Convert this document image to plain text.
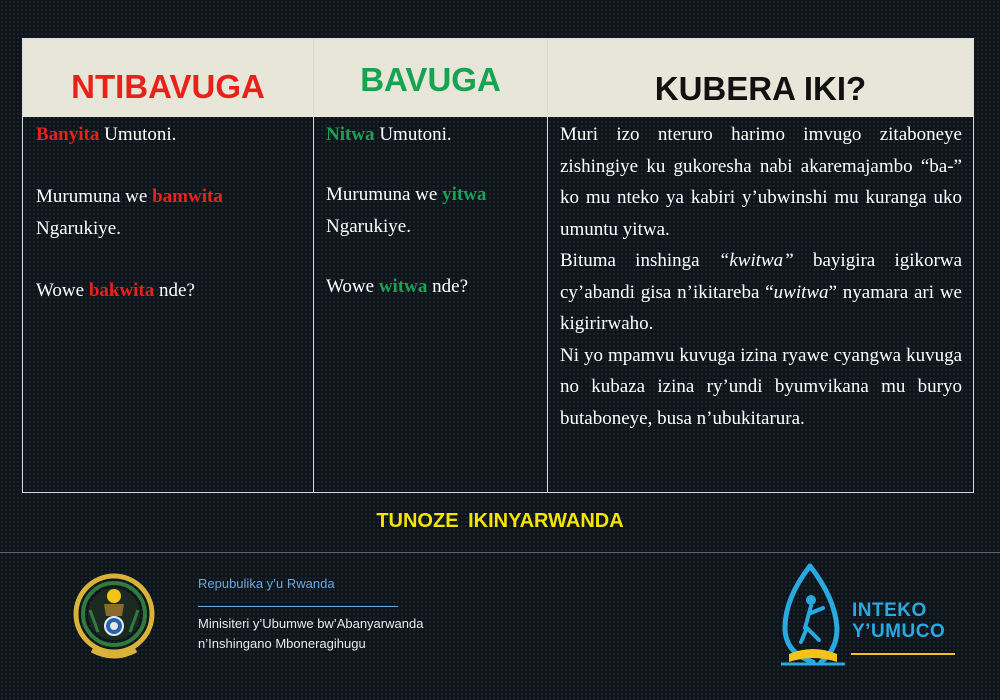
NTIBAVUGA	BAVUGA	KUBERA IKI?

Banyita Umutoni.

Murumuna we bamwita Ngarukiye.

Wowe bakwita nde?

Nitwa Umutoni.

Murumuna we yitwa Ngarukiye.

Wowe witwa nde?

Muri izo nteruro harimo imvugo zitaboneye zishingiye ku gukoresha nabi akaremajambo “ba-” ko mu nteko ya kabiri y’ubwinshi mu kuranga uko umuntu yitwa.

Bituma inshinga “kwitwa” bayigira igikorwa cy’abandi gisa n’ikitareba “uwitwa” nyamara ari we kigirirwaho.

Ni yo mpamvu kuvuga izina ryawe cyangwa kuvuga no kubaza izina ry’undi byumvikana mu buryo butaboneye, busa n’ubukitarura.

TUNOZE IKINYARWANDA
Repubulika y’u Rwanda
Minisiteri y’Ubumwe bw’Abanyarwanda
n’Inshingano Mboneragihugu
INTEKO
Y’UMUCO
